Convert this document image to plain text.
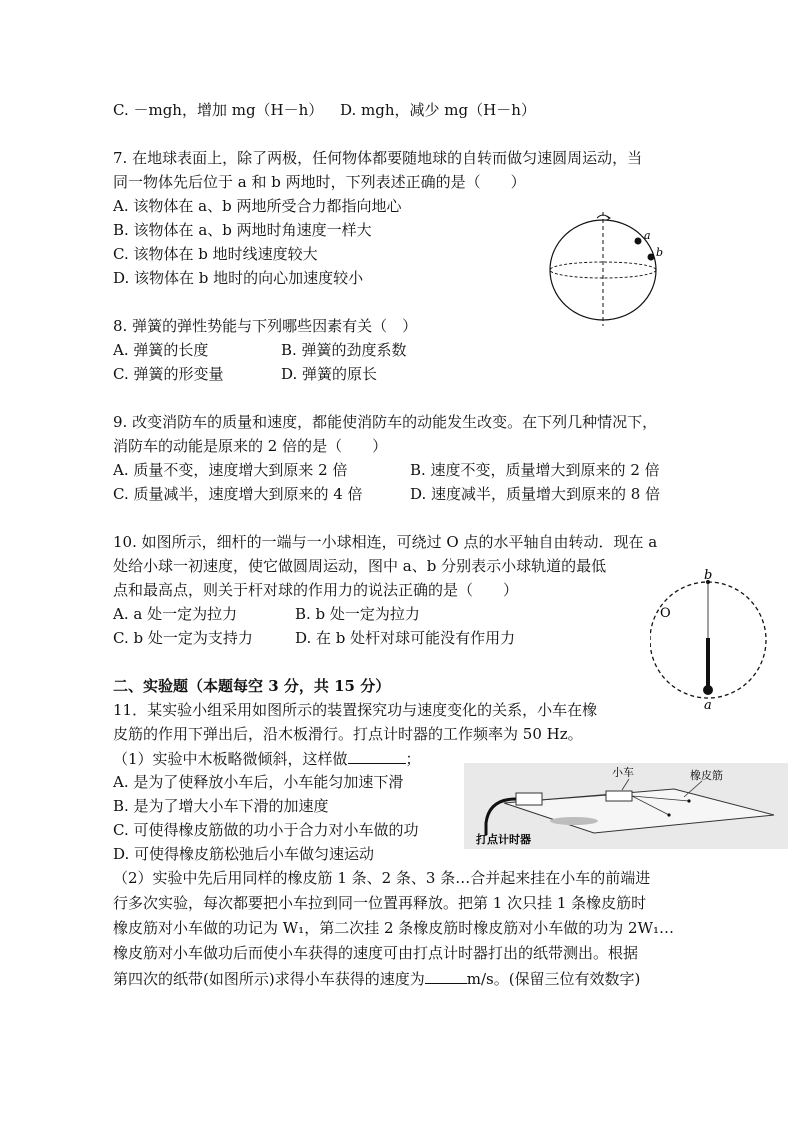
C. －mgh，增加 mg（H－h） D. mgh，减少 mg（H－h）
7. 在地球表面上，除了两极，任何物体都要随地球的自转而做匀速圆周运动，当
同一物体先后位于 a 和 b 两地时，下列表述正确的是（　　）
A. 该物体在 a、b 两地所受合力都指向地心
B. 该物体在 a、b 两地时角速度一样大
C. 该物体在 b 地时线速度较大
D. 该物体在 b 地时的向心加速度较小
a
b
8. 弹簧的弹性势能与下列哪些因素有关（　）
A. 弹簧的长度	B. 弹簧的劲度系数
C. 弹簧的形变量	D. 弹簧的原长
9. 改变消防车的质量和速度，都能使消防车的动能发生改变。在下列几种情况下，
消防车的动能是原来的 2 倍的是（　　）
A. 质量不变，速度增大到原来 2 倍	B. 速度不变，质量增大到原来的 2 倍
C. 质量减半，速度增大到原来的 4 倍	D. 速度减半，质量增大到原来的 8 倍
10. 如图所示，细杆的一端与一小球相连，可绕过 O 点的水平轴自由转动．现在 a
处给小球一初速度，使它做圆周运动，图中 a、b 分别表示小球轨道的最低
点和最高点，则关于杆对球的作用力的说法正确的是（　　）
A. a 处一定为拉力	B. b 处一定为拉力
C. b 处一定为支持力	D. 在 b 处杆对球可能没有作用力
b
a
O
二、实验题（本题每空 3 分，共 15 分）
11．某实验小组采用如图所示的装置探究功与速度变化的关系，小车在橡
皮筋的作用下弹出后，沿木板滑行。打点计时器的工作频率为 50 Hz。
（1）实验中木板略微倾斜，这样做	；
A. 是为了使释放小车后，小车能匀加速下滑
B. 是为了增大小车下滑的加速度
C. 可使得橡皮筋做的功小于合力对小车做的功
D. 可使得橡皮筋松弛后小车做匀速运动
小车	橡皮筋
打点计时器
（2）实验中先后用同样的橡皮筋 1 条、2 条、3 条…合并起来挂在小车的前端进
行多次实验，每次都要把小车拉到同一位置再释放。把第 1 次只挂 1 条橡皮筋时
橡皮筋对小车做的功记为 W₁，第二次挂 2 条橡皮筋时橡皮筋对小车做的功为 2W₁…
橡皮筋对小车做功后而使小车获得的速度可由打点计时器打出的纸带测出。根据
第四次的纸带(如图所示)求得小车获得的速度为	m/s。(保留三位有效数字)
